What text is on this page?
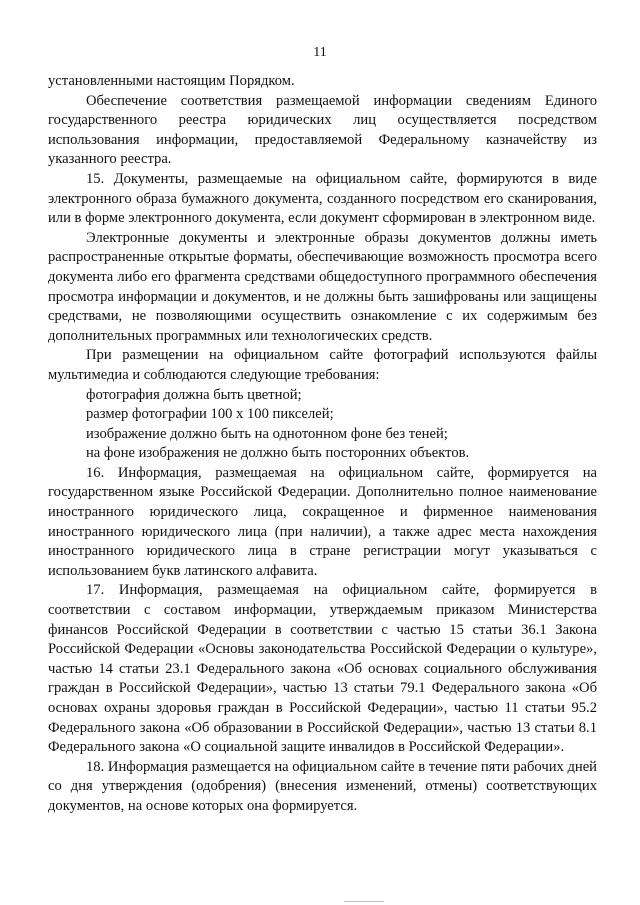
11

установленными настоящим Порядком.

Обеспечение соответствия размещаемой информации сведениям Единого государственного реестра юридических лиц осуществляется посредством использования информации, предоставляемой Федеральному казначейству из указанного реестра.

15. Документы, размещаемые на официальном сайте, формируются в виде электронного образа бумажного документа, созданного посредством его сканирования, или в форме электронного документа, если документ сформирован в электронном виде.

Электронные документы и электронные образы документов должны иметь распространенные открытые форматы, обеспечивающие возможность просмотра всего документа либо его фрагмента средствами общедоступного программного обеспечения просмотра информации и документов, и не должны быть зашифрованы или защищены средствами, не позволяющими осуществить ознакомление с их содержимым без дополнительных программных или технологических средств.

При размещении на официальном сайте фотографий используются файлы мультимедиа и соблюдаются следующие требования:

фотография должна быть цветной;

размер фотографии 100 x 100 пикселей;

изображение должно быть на однотонном фоне без теней;

на фоне изображения не должно быть посторонних объектов.

16. Информация, размещаемая на официальном сайте, формируется на государственном языке Российской Федерации. Дополнительно полное наименование иностранного юридического лица, сокращенное и фирменное наименования иностранного юридического лица (при наличии), а также адрес места нахождения иностранного юридического лица в стране регистрации могут указываться с использованием букв латинского алфавита.

17. Информация, размещаемая на официальном сайте, формируется в соответствии с составом информации, утверждаемым приказом Министерства финансов Российской Федерации в соответствии с частью 15 статьи 36.1 Закона Российской Федерации «Основы законодательства Российской Федерации о культуре», частью 14 статьи 23.1 Федерального закона «Об основах социального обслуживания граждан в Российской Федерации», частью 13 статьи 79.1 Федерального закона «Об основах охраны здоровья граждан в Российской Федерации», частью 11 статьи 95.2 Федерального закона «Об образовании в Российской Федерации», частью 13 статьи 8.1 Федерального закона «О социальной защите инвалидов в Российской Федерации».

18. Информация размещается на официальном сайте в течение пяти рабочих дней со дня утверждения (одобрения) (внесения изменений, отмены) соответствующих документов, на основе которых она формируется.
